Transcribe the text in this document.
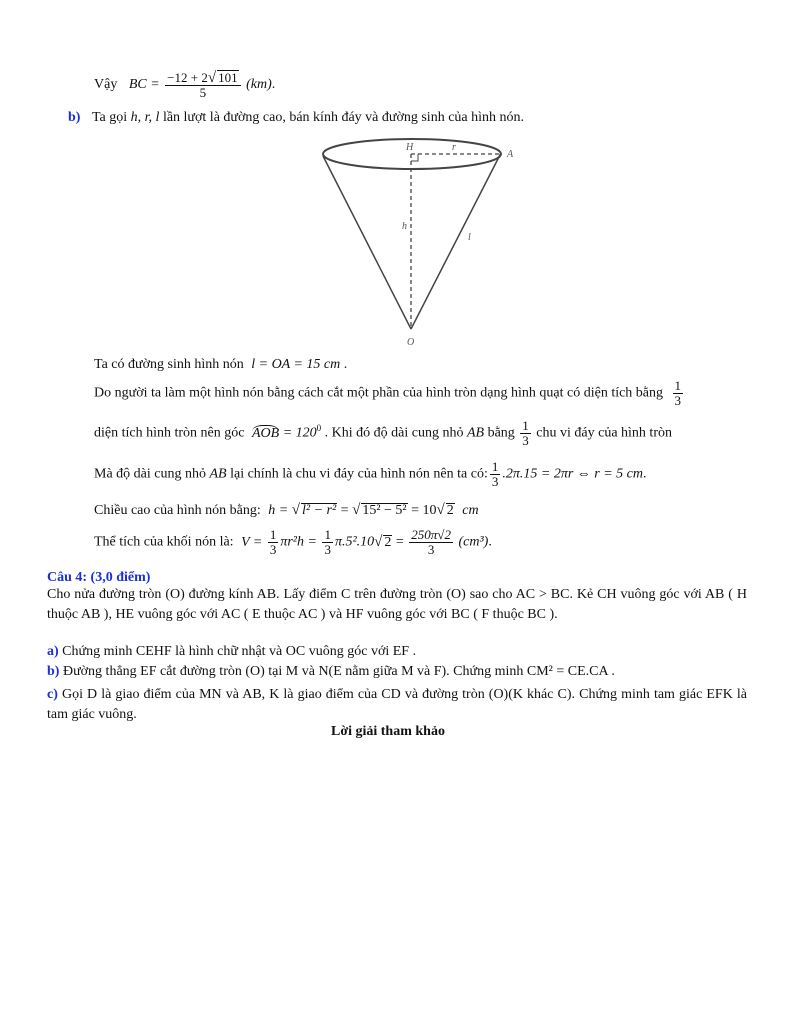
Vậy BC = $\frac{-12 + 2√ 101}{5} (km)$.
b) Ta gọi h, r, l lần lượt là đường cao, bán kính đáy và đường sinh của hình nón.
H	r
A
h
l
O
Ta có đường sinh hình nón l = OA = 15 cm .
Do người ta làm một hình nón bằng cách cắt một phần của hình tròn dạng hình quạt có diện tích bằng $\frac{1}{3}$
diện tích hình tròn nên góc AOB = $120^0$ . Khi đó độ dài cung nhỏ AB bằng $\frac{1}{3}$ chu vi đáy của hình tròn
Mà độ dài cung nhỏ AB lại chính là chu vi đáy của hình nón nên ta có: $\frac{1}{3} .2\pi.15 = 2\pi r$ ⇔ r = 5 cm.
Chiều cao của hình nón bằng: h = √ l² − r² = √ 15² − 5² = 10√ 2 cm
Thể tích của khối nón là: $V = \frac{1}{3} \pi r^2h = \frac{1}{3} \pi.5^2.10√$ $2 = \frac{250\pi√2}{3} (cm^3)$.
Câu 4: (3,0 điểm)
Cho nửa đường tròn (O) đường kính AB. Lấy điểm C trên đường tròn (O) sao cho AC > BC. Kẻ CH vuông góc với AB ( H thuộc AB ), HE vuông góc với AC ( E thuộc AC ) và HF vuông góc với BC ( F thuộc BC ).
a) Chứng minh CEHF là hình chữ nhật và OC vuông góc với EF .
b) Đường thẳng EF cắt đường tròn (O) tại M và N(E nằm giữa M và F). Chứng minh CM² = CE.CA .
c) Gọi D là giao điểm của MN và AB, K là giao điểm của CD và đường tròn (O)(K khác C). Chứng minh tam giác EFK là tam giác vuông.
Lời giải tham khảo
